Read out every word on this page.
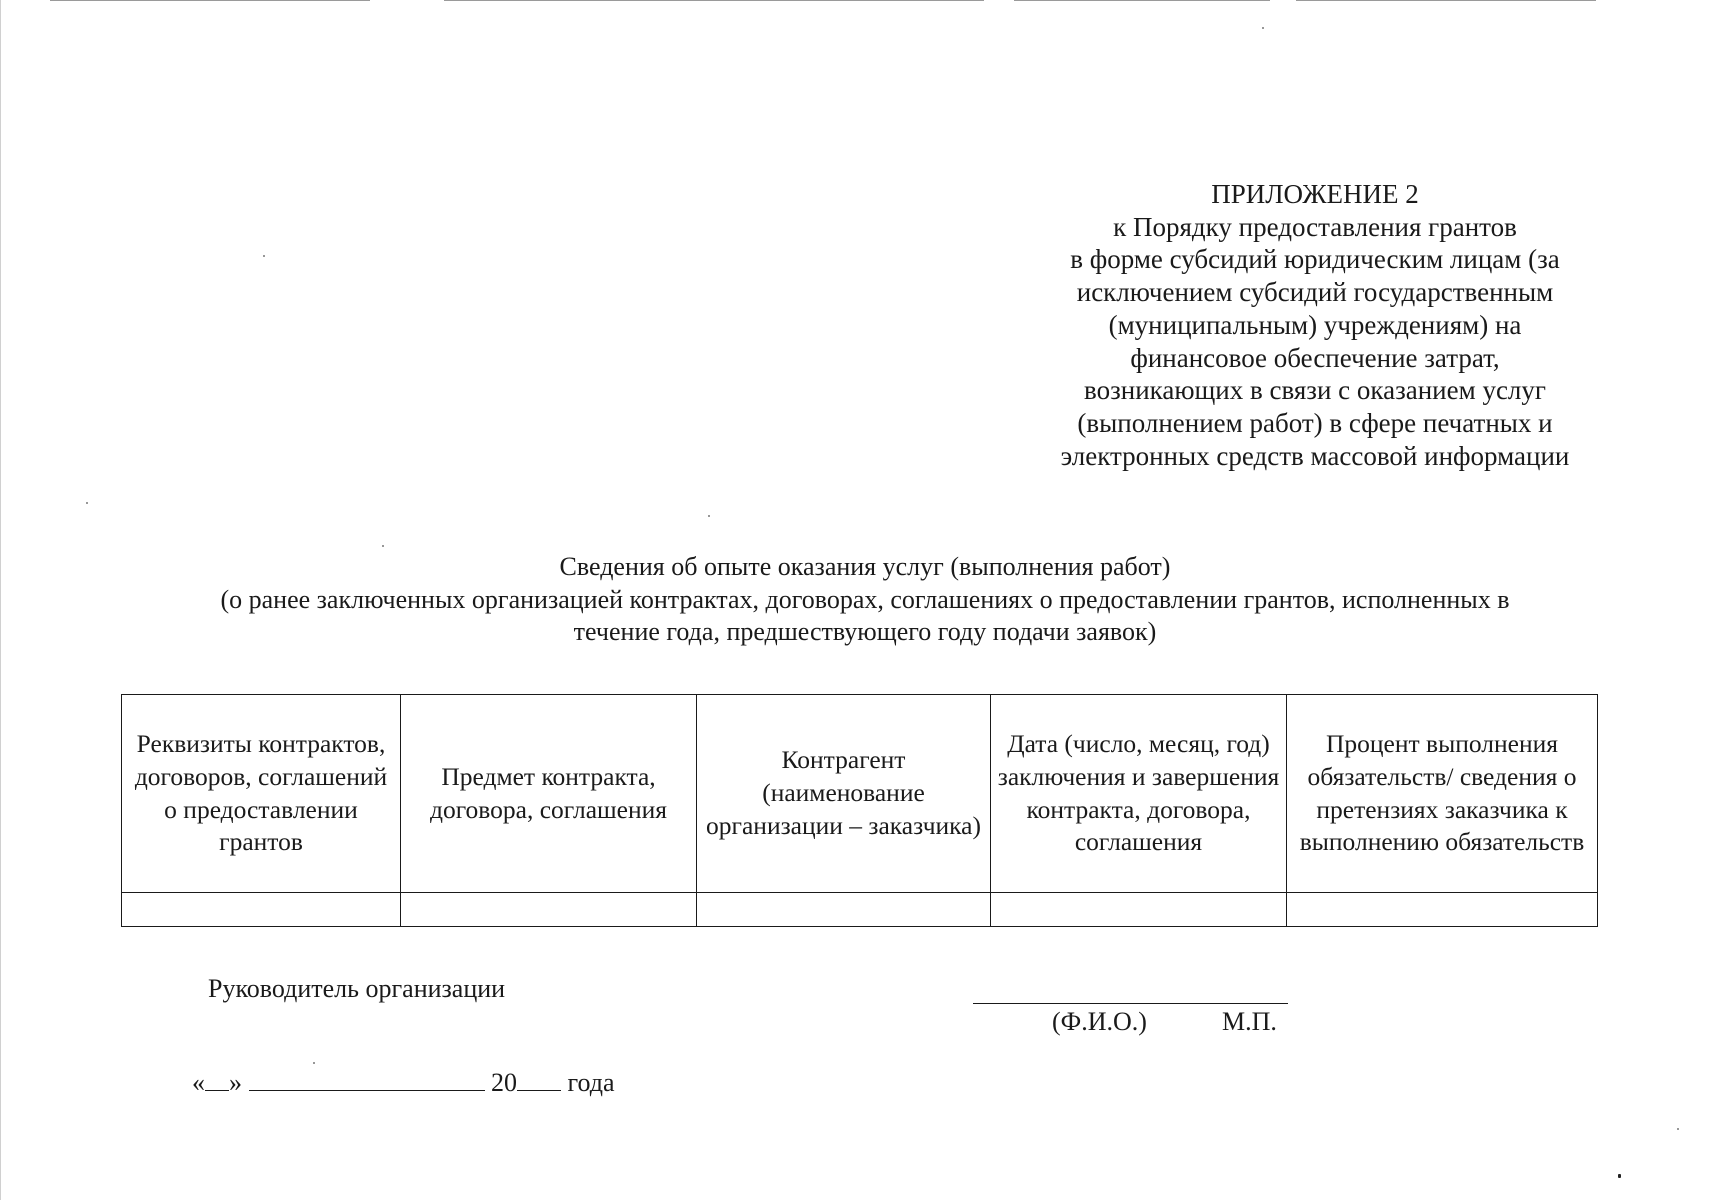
ПРИЛОЖЕНИЕ 2
к Порядку предоставления грантов
в форме субсидий юридическим лицам (за
исключением субсидий государственным
(муниципальным) учреждениям) на
финансовое обеспечение затрат,
возникающих в связи с оказанием услуг
(выполнением работ) в сфере печатных и
электронных средств массовой информации
Сведения об опыте оказания услуг (выполнения работ)
(о ранее заключенных организацией контрактах, договорах, соглашениях о предоставлении грантов, исполненных в
течение года, предшествующего году подачи заявок)
Реквизиты контрактов, договоров, соглашений о предоставлении грантов	Предмет контракта, договора, соглашения	Контрагент (наименование организации – заказчика)	Дата (число, месяц, год) заключения и завершения контракта, договора, соглашения	Процент выполнения обязательств/ сведения о претензиях заказчика к выполнению обязательств

Руководитель организации
(Ф.И.О.)	М.П.
« »	20 года
